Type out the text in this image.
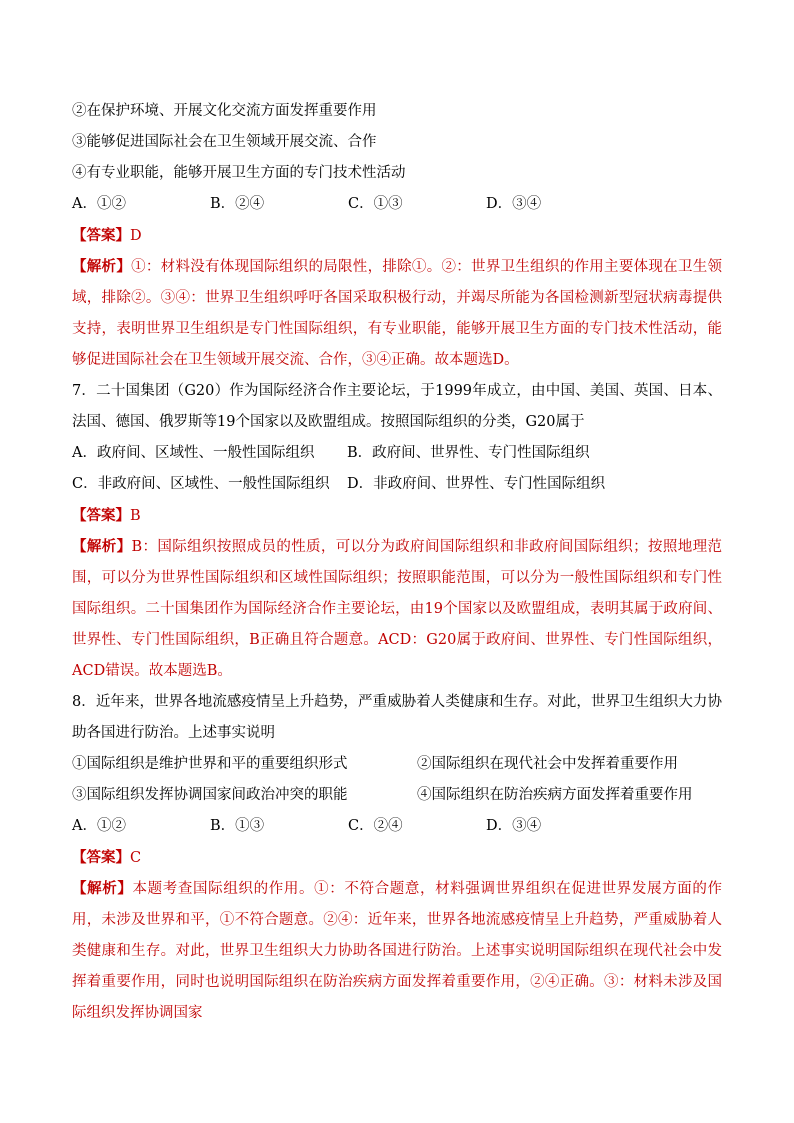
②在保护环境、开展文化交流方面发挥重要作用
③能够促进国际社会在卫生领域开展交流、合作
④有专业职能，能够开展卫生方面的专门技术性活动
A．①②	B．②④	C．①③	D．③④
【答案】D
【解析】①：材料没有体现国际组织的局限性，排除①。②：世界卫生组织的作用主要体现在卫生领域，排除②。③④：世界卫生组织呼吁各国采取积极行动，并竭尽所能为各国检测新型冠状病毒提供支持，表明世界卫生组织是专门性国际组织，有专业职能，能够开展卫生方面的专门技术性活动，能够促进国际社会在卫生领域开展交流、合作，③④正确。故本题选D。
7．二十国集团（G20）作为国际经济合作主要论坛，于1999年成立，由中国、美国、英国、日本、法国、德国、俄罗斯等19个国家以及欧盟组成。按照国际组织的分类，G20属于
A．政府间、区域性、一般性国际组织	B．政府间、世界性、专门性国际组织
C．非政府间、区域性、一般性国际组织	D．非政府间、世界性、专门性国际组织
【答案】B
【解析】B：国际组织按照成员的性质，可以分为政府间国际组织和非政府间国际组织；按照地理范围，可以分为世界性国际组织和区域性国际组织；按照职能范围，可以分为一般性国际组织和专门性国际组织。二十国集团作为国际经济合作主要论坛，由19个国家以及欧盟组成，表明其属于政府间、世界性、专门性国际组织，B正确且符合题意。ACD：G20属于政府间、世界性、专门性国际组织，ACD错误。故本题选B。
8．近年来，世界各地流感疫情呈上升趋势，严重威胁着人类健康和生存。对此，世界卫生组织大力协助各国进行防治。上述事实说明
①国际组织是维护世界和平的重要组织形式	②国际组织在现代社会中发挥着重要作用
③国际组织发挥协调国家间政治冲突的职能	④国际组织在防治疾病方面发挥着重要作用
A．①②	B．①③	C．②④	D．③④
【答案】C
【解析】本题考查国际组织的作用。①：不符合题意，材料强调世界组织在促进世界发展方面的作用，未涉及世界和平，①不符合题意。②④：近年来，世界各地流感疫情呈上升趋势，严重威胁着人类健康和生存。对此，世界卫生组织大力协助各国进行防治。上述事实说明国际组织在现代社会中发挥着重要作用，同时也说明国际组织在防治疾病方面发挥着重要作用，②④正确。③：材料未涉及国际组织发挥协调国家
